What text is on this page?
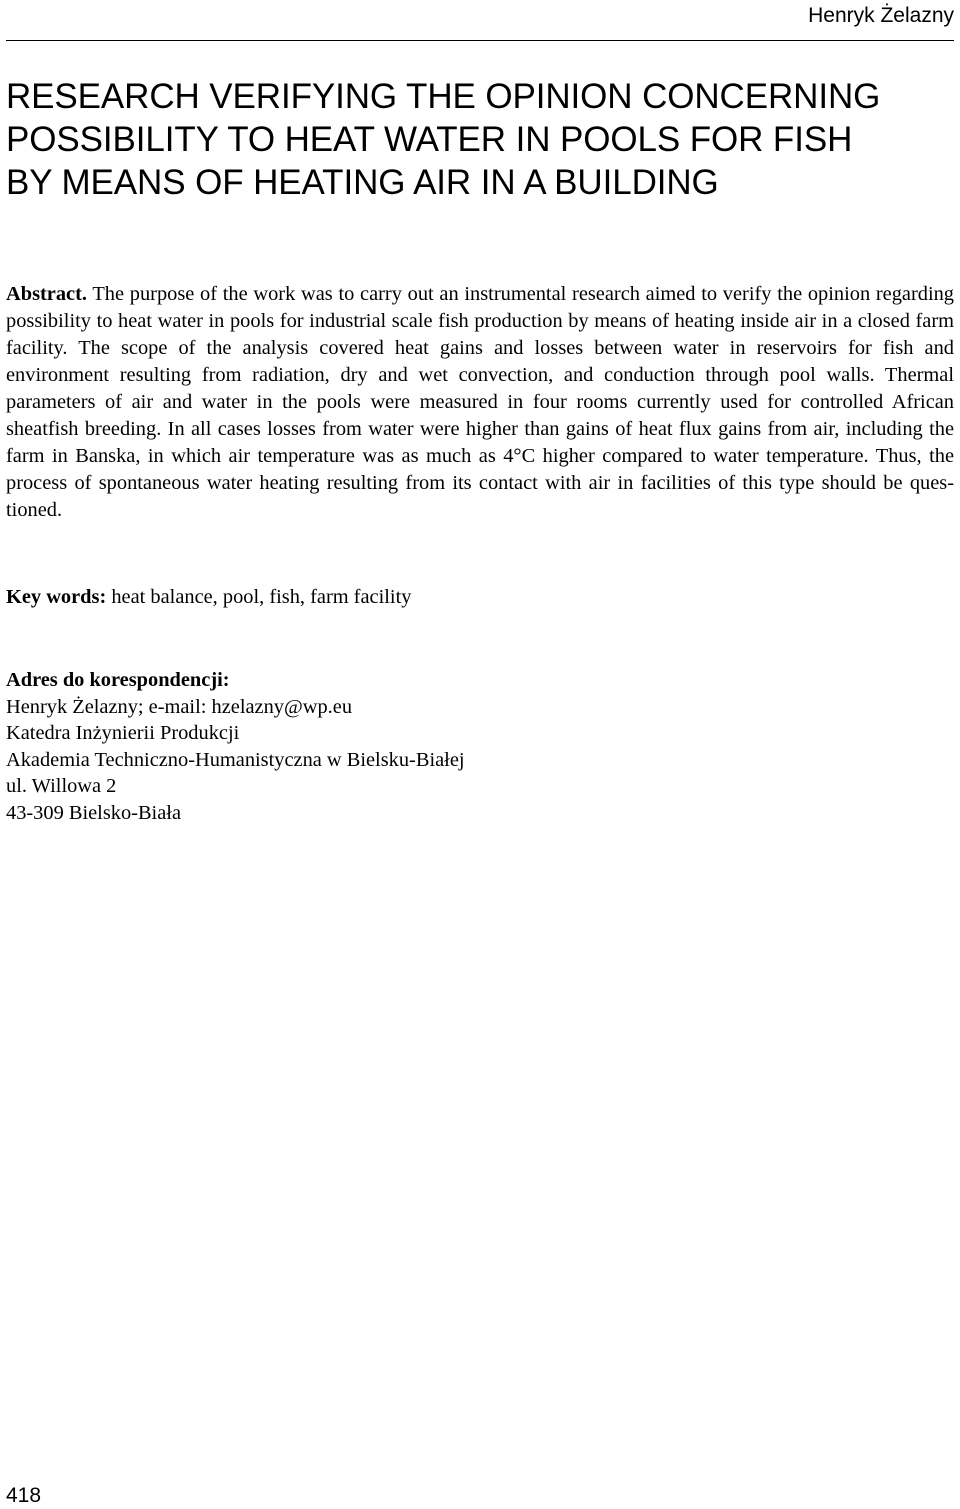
Henryk Żelazny
RESEARCH VERIFYING THE OPINION CONCERNING
POSSIBILITY TO HEAT WATER IN POOLS FOR FISH
BY MEANS OF HEATING AIR IN A BUILDING

Abstract. The purpose of the work was to carry out an instrumental research aimed to verify the opinion regarding possibility to heat water in pools for industrial scale fish production by means of heating inside air in a closed farm facility. The scope of the analysis covered heat gains and losses between water in reservoirs for fish and environment resulting from radiation, dry and wet convection, and conduction through pool walls. Thermal parameters of air and water in the pools were measured in four rooms currently used for controlled African sheatfish breeding. In all cases losses from water were higher than gains of heat flux gains from air, including the farm in Banska, in which air temperature was as much as 4°C higher compared to water temperature. Thus, the process of spontaneous water heating resulting from its contact with air in facilities of this type should be questioned.

Key words: heat balance, pool, fish, farm facility

Adres do korespondencji:
Henryk Żelazny; e-mail: hzelazny@wp.eu
Katedra Inżynierii Produkcji
Akademia Techniczno-Humanistyczna w Bielsku-Białej
ul. Willowa 2
43-309 Bielsko-Biała
418
